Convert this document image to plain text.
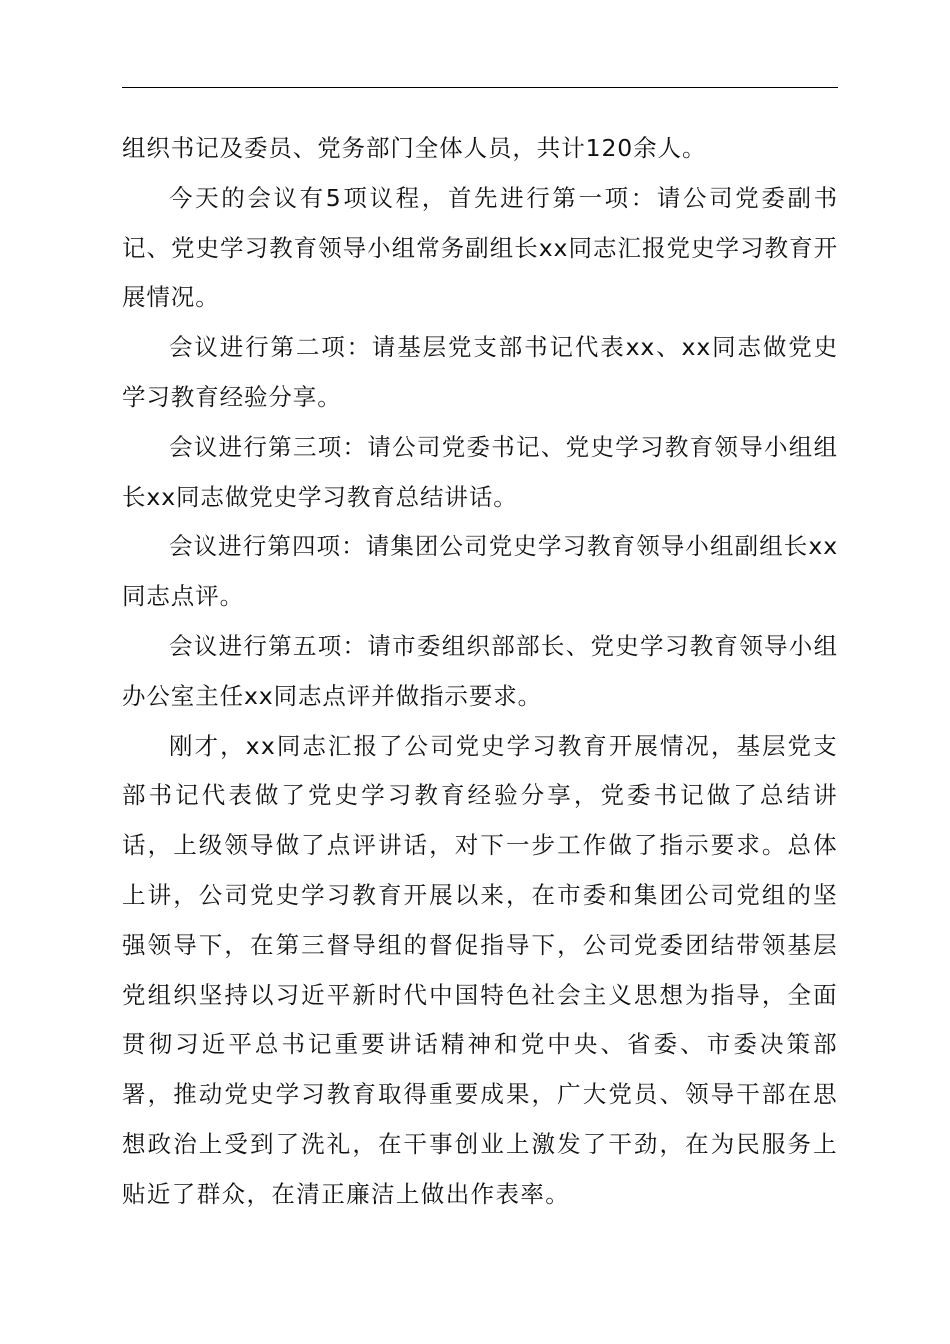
组织书记及委员、党务部门全体人员，共计120余人。

今天的会议有5项议程，首先进行第一项：请公司党委副书记、党史学习教育领导小组常务副组长xx同志汇报党史学习教育开展情况。

会议进行第二项：请基层党支部书记代表xx、xx同志做党史学习教育经验分享。

会议进行第三项：请公司党委书记、党史学习教育领导小组组长xx同志做党史学习教育总结讲话。

会议进行第四项：请集团公司党史学习教育领导小组副组长xx同志点评。

会议进行第五项：请市委组织部部长、党史学习教育领导小组办公室主任xx同志点评并做指示要求。

刚才，xx同志汇报了公司党史学习教育开展情况，基层党支部书记代表做了党史学习教育经验分享，党委书记做了总结讲话，上级领导做了点评讲话，对下一步工作做了指示要求。总体上讲，公司党史学习教育开展以来，在市委和集团公司党组的坚强领导下，在第三督导组的督促指导下，公司党委团结带领基层党组织坚持以习近平新时代中国特色社会主义思想为指导，全面贯彻习近平总书记重要讲话精神和党中央、省委、市委决策部署，推动党史学习教育取得重要成果，广大党员、领导干部在思想政治上受到了洗礼，在干事创业上激发了干劲，在为民服务上贴近了群众，在清正廉洁上做出作表率。
